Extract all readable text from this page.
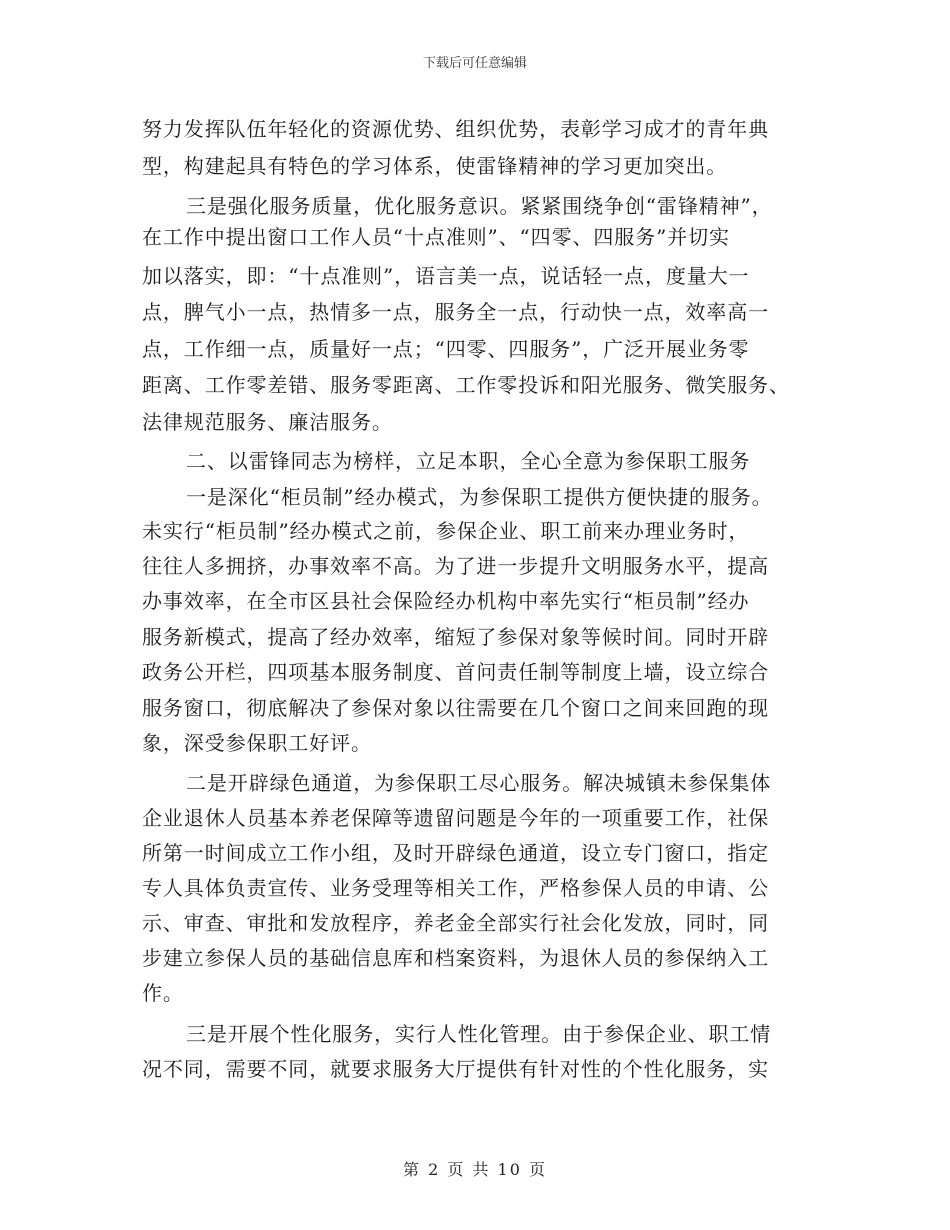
下载后可任意编辑
努力发挥队伍年轻化的资源优势、组织优势，表彰学习成才的青年典
型，构建起具有特色的学习体系，使雷锋精神的学习更加突出。
三是强化服务质量，优化服务意识。紧紧围绕争创“雷锋精神”，
在工作中提出窗口工作人员“十点准则”、“四零、四服务”并切实
加以落实，即：“十点准则”，语言美一点，说话轻一点，度量大一
点，脾气小一点，热情多一点，服务全一点，行动快一点，效率高一
点，工作细一点，质量好一点；“四零、四服务”，广泛开展业务零
距离、工作零差错、服务零距离、工作零投诉和阳光服务、微笑服务、
法律规范服务、廉洁服务。
二、以雷锋同志为榜样，立足本职，全心全意为参保职工服务
一是深化“柜员制”经办模式，为参保职工提供方便快捷的服务。
未实行“柜员制”经办模式之前，参保企业、职工前来办理业务时，
往往人多拥挤，办事效率不高。为了进一步提升文明服务水平，提高
办事效率，在全市区县社会保险经办机构中率先实行“柜员制”经办
服务新模式，提高了经办效率，缩短了参保对象等候时间。同时开辟
政务公开栏，四项基本服务制度、首问责任制等制度上墙，设立综合
服务窗口，彻底解决了参保对象以往需要在几个窗口之间来回跑的现
象，深受参保职工好评。
二是开辟绿色通道，为参保职工尽心服务。解决城镇未参保集体
企业退休人员基本养老保障等遗留问题是今年的一项重要工作，社保
所第一时间成立工作小组，及时开辟绿色通道，设立专门窗口，指定
专人具体负责宣传、业务受理等相关工作，严格参保人员的申请、公
示、审查、审批和发放程序，养老金全部实行社会化发放，同时，同
步建立参保人员的基础信息库和档案资料，为退休人员的参保纳入工
作。
三是开展个性化服务，实行人性化管理。由于参保企业、职工情
况不同，需要不同，就要求服务大厅提供有针对性的个性化服务，实
第 2 页 共 10 页
